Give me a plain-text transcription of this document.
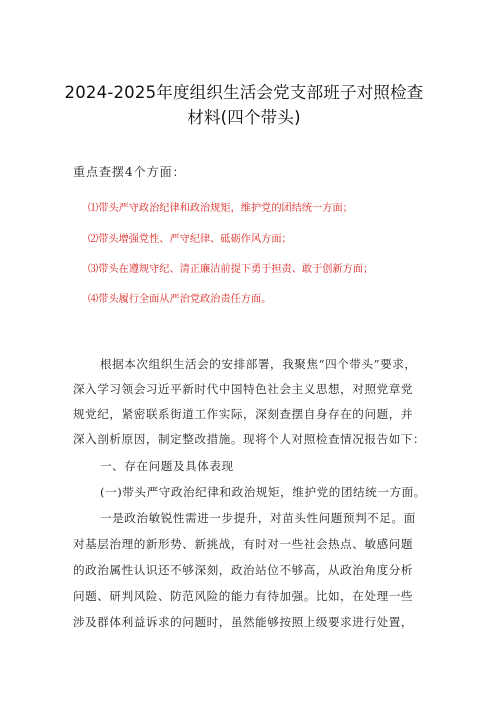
2024-2025年度组织生活会党支部班子对照检查
材料(四个带头)
重点查摆4个方面：
⑴带头严守政治纪律和政治规矩，维护党的团结统一方面；
⑵带头增强党性、严守纪律、砥砺作风方面；
⑶带头在遵规守纪、清正廉洁前提下勇于担责、敢于创新方面；
⑷带头履行全面从严治党政治责任方面。
根据本次组织生活会的安排部署，我聚焦“四个带头”要求，
深入学习领会习近平新时代中国特色社会主义思想，对照党章党
规党纪，紧密联系街道工作实际，深刻查摆自身存在的问题，并
深入剖析原因，制定整改措施。现将个人对照检查情况报告如下：
一、存在问题及具体表现
(一)带头严守政治纪律和政治规矩，维护党的团结统一方面。
一是政治敏锐性需进一步提升，对苗头性问题预判不足。面
对基层治理的新形势、新挑战，有时对一些社会热点、敏感问题
的政治属性认识还不够深刻，政治站位不够高，从政治角度分析
问题、研判风险、防范风险的能力有待加强。比如，在处理一些
涉及群体利益诉求的问题时，虽然能够按照上级要求进行处置，
